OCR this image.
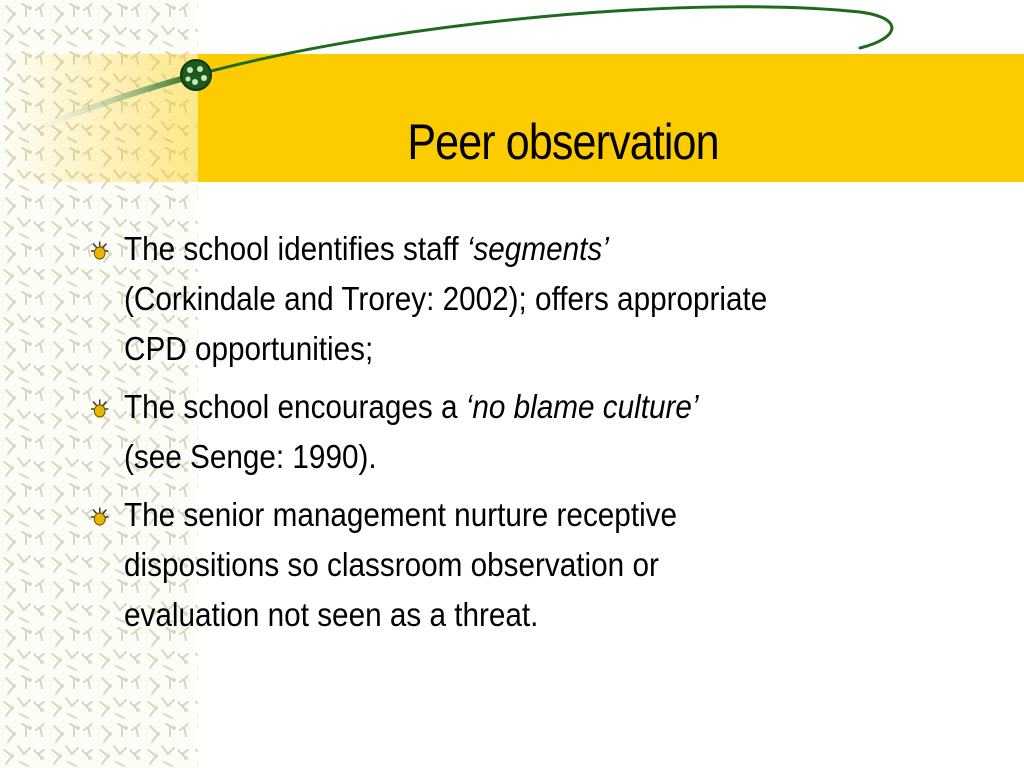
Peer observation
The school identifies staff ‘segments’
(Corkindale and Trorey: 2002); offers appropriate
CPD opportunities;
The school encourages a ‘no blame culture’
(see Senge: 1990).
The senior management nurture receptive
dispositions so classroom observation or
evaluation not seen as a threat.
